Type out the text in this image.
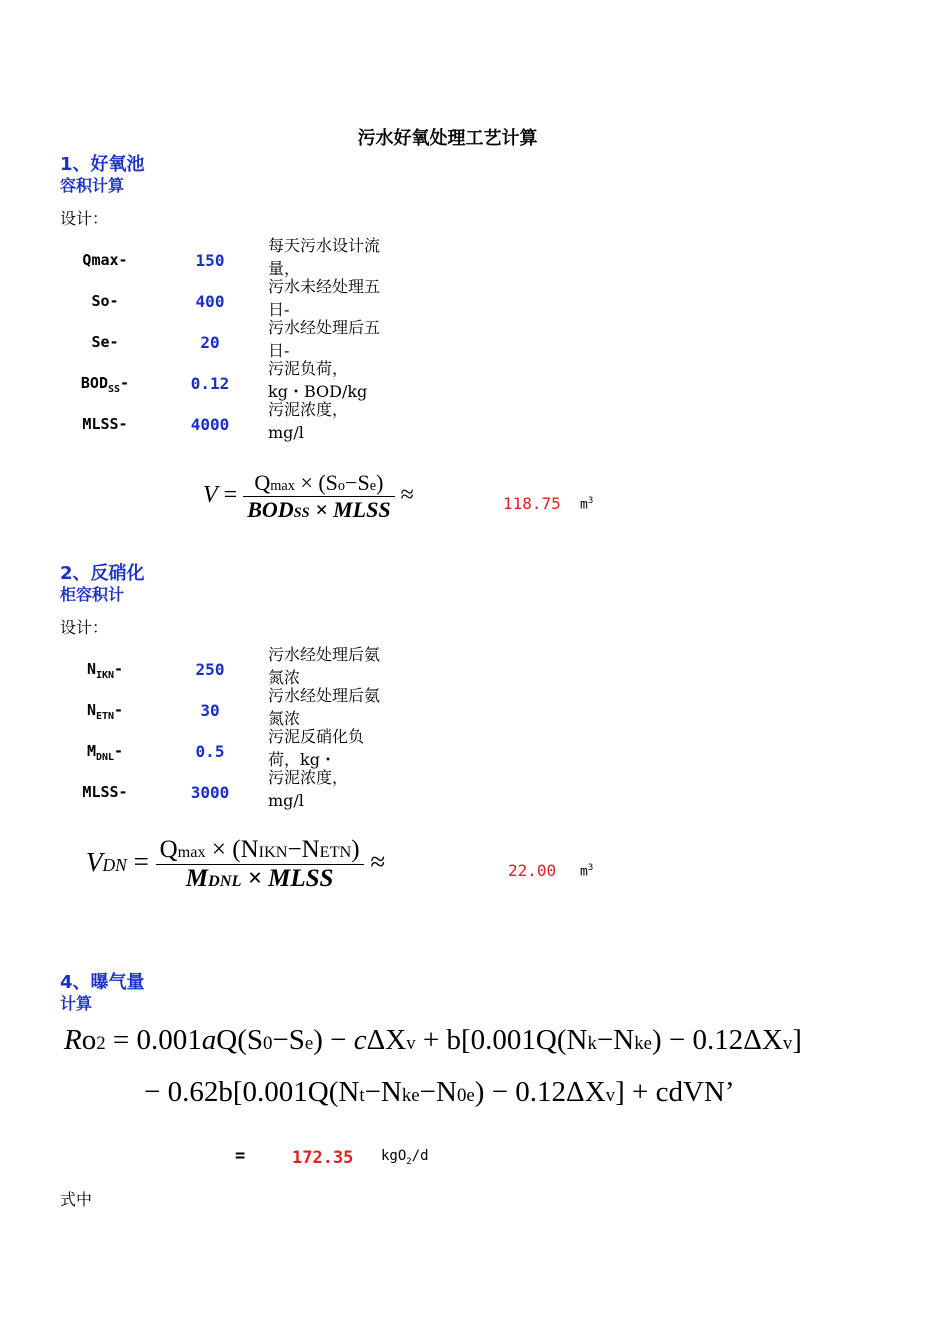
污水好氧处理工艺计算
1、好氧池
容积计算
设计：
Qmax-	150
每天污水设计流量，
So-	400
污水未经处理五日-
Se-	20
污水经处理后五日-
$BOD_{SS}-$	0.12
污泥负荷，kg・BOD/kg
MLSS-	4000
污泥浓度，mg/l
$V = \frac{Qmax \times (So-Se)}{\text{BODSS × MLSS}}$ ≈	118.75 $m^3$
2、反硝化
柜容积计
设计：
$N_{IKN}-$	250
污水经处理后氨氮浓
$N_{ETN}-$	30
污水经处理后氨氮浓
$M_{DNL}-$	0.5
污泥反硝化负荷，kg・
MLSS-	3000
污泥浓度，mg/l
VDN = $\frac{\text{Qmax × (NIKN−NETN)}}{\text{MDNL × MLSS}}$ ≈	22.00 $m^3$
4、曝气量
计算
Ro2 = 0.001aQ(S0−Se) − cΔXv + b[0.001Q(Nk−Nke) − 0.12ΔXv]
− 0.62b[0.001Q(Nt−Nke−N0e) − 0.12ΔXv] + cdVN’
=	172.35 kgO$_2$/d
式中
